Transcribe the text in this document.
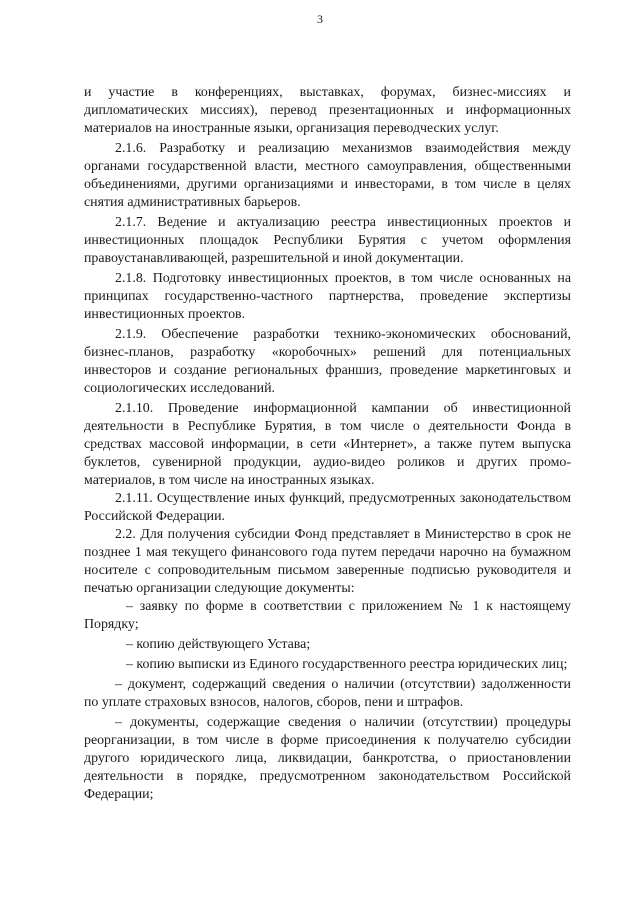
3

и участие в конференциях, выставках, форумах, бизнес-миссиях и дипломатических миссиях), перевод презентационных и информационных материалов на иностранные языки, организация переводческих услуг.

2.1.6. Разработку и реализацию механизмов взаимодействия между органами государственной власти, местного самоуправления, общественными объединениями, другими организациями и инвесторами, в том числе в целях снятия административных барьеров.

2.1.7. Ведение и актуализацию реестра инвестиционных проектов и инвестиционных площадок Республики Бурятия с учетом оформления правоустанавливающей, разрешительной и иной документации.

2.1.8. Подготовку инвестиционных проектов, в том числе основанных на принципах государственно-частного партнерства, проведение экспертизы инвестиционных проектов.

2.1.9. Обеспечение разработки технико-экономических обоснований, бизнес-планов, разработку «коробочных» решений для потенциальных инвесторов и создание региональных франшиз, проведение маркетинговых и социологических исследований.

2.1.10. Проведение информационной кампании об инвестиционной деятельности в Республике Бурятия, в том числе о деятельности Фонда в средствах массовой информации, в сети «Интернет», а также путем выпуска буклетов, сувенирной продукции, аудио-видео роликов и других промо-материалов, в том числе на иностранных языках.

2.1.11. Осуществление иных функций, предусмотренных законодательством Российской Федерации.

2.2. Для получения субсидии Фонд представляет в Министерство в срок не позднее 1 мая текущего финансового года путем передачи нарочно на бумажном носителе с сопроводительным письмом заверенные подписью руководителя и печатью организации следующие документы:

– заявку по форме в соответствии с приложением № 1 к настоящему Порядку;

– копию действующего Устава;

– копию выписки из Единого государственного реестра юридических лиц;

– документ, содержащий сведения о наличии (отсутствии) задолженности по уплате страховых взносов, налогов, сборов, пени и штрафов.

– документы, содержащие сведения о наличии (отсутствии) процедуры реорганизации, в том числе в форме присоединения к получателю субсидии другого юридического лица, ликвидации, банкротства, о приостановлении деятельности в порядке, предусмотренном законодательством Российской Федерации;
